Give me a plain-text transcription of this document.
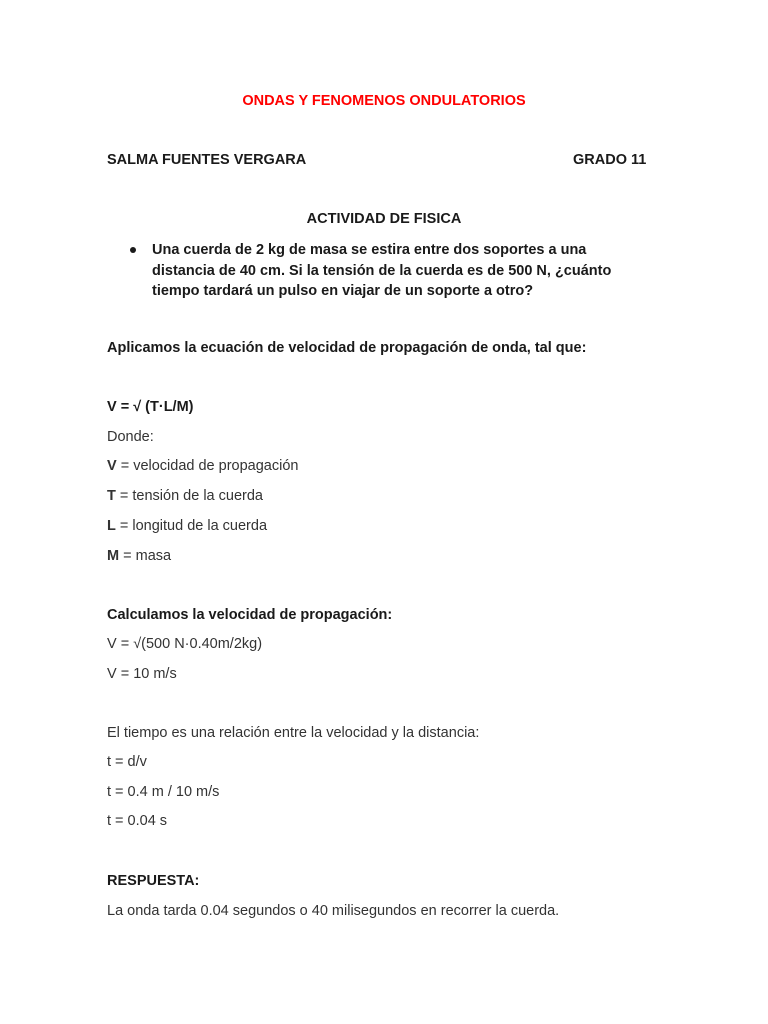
ONDAS Y FENOMENOS ONDULATORIOS
SALMA FUENTES VERGARA	GRADO 11
ACTIVIDAD DE FISICA
Una cuerda de 2 kg de masa se estira entre dos soportes a una
distancia de 40 cm. Si la tensión de la cuerda es de 500 N, ¿cuánto
tiempo tardará un pulso en viajar de un soporte a otro?
Aplicamos la ecuación de velocidad de propagación de onda, tal que:
V = √ (T·L/M)
Donde:
V = velocidad de propagación
T = tensión de la cuerda
L = longitud de la cuerda
M = masa
Calculamos la velocidad de propagación:
V = √(500 N·0.40m/2kg)
V = 10 m/s
El tiempo es una relación entre la velocidad y la distancia:
t = d/v
t = 0.4 m / 10 m/s
t = 0.04 s
RESPUESTA:
La onda tarda 0.04 segundos o 40 milisegundos en recorrer la cuerda.
